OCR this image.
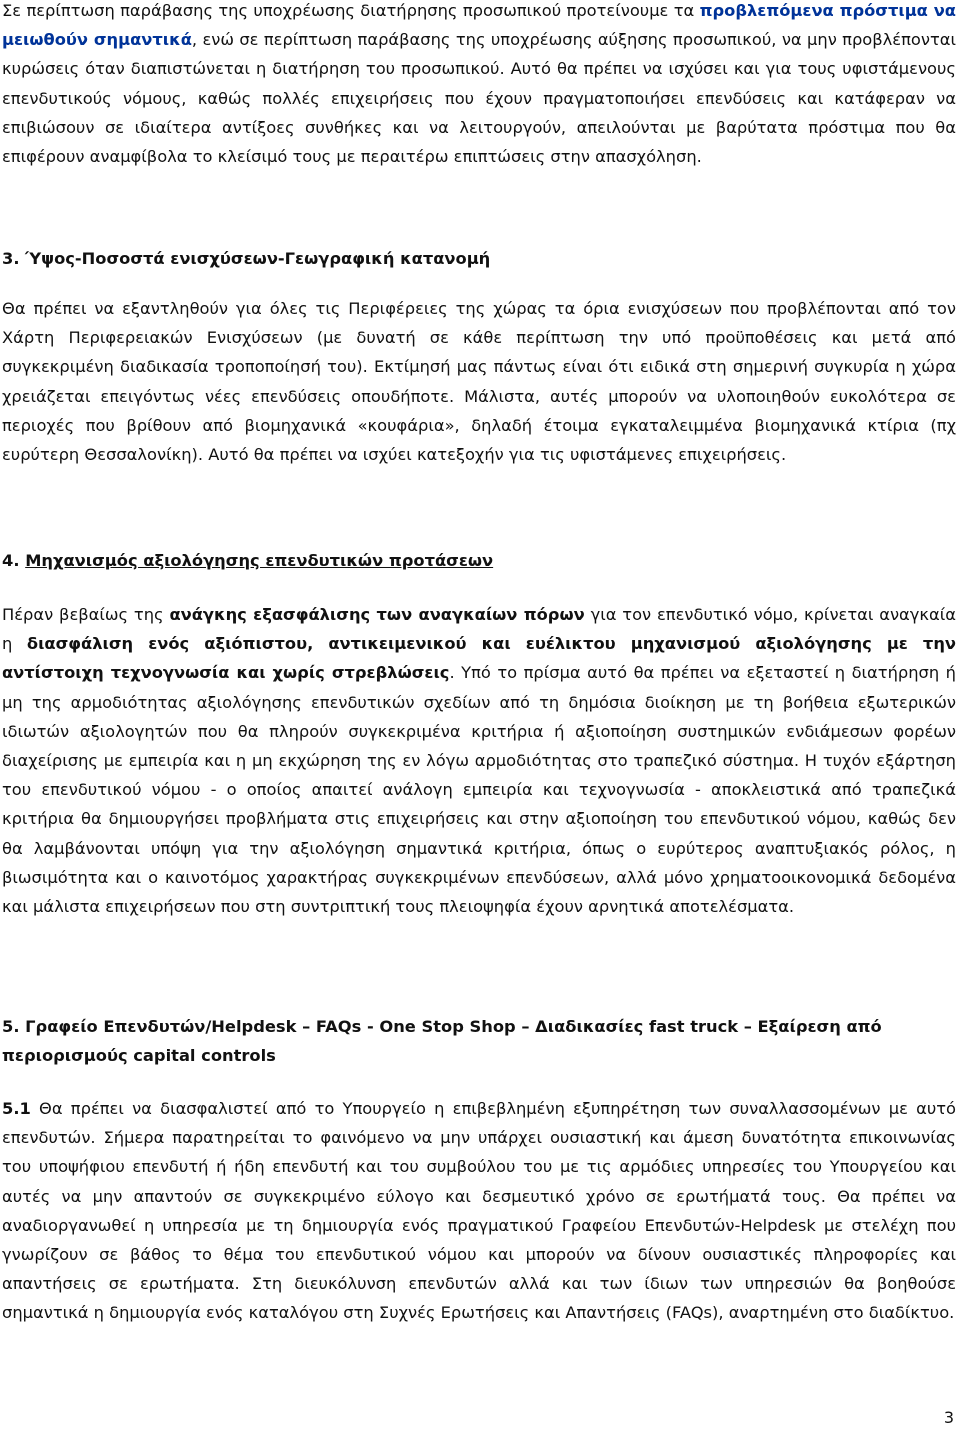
Σε περίπτωση παράβασης της υποχρέωσης διατήρησης προσωπικού προτείνουμε τα προβλεπόμενα πρόστιμα να μειωθούν σημαντικά, ενώ σε περίπτωση παράβασης της υποχρέωσης αύξησης προσωπικού, να μην προβλέπονται κυρώσεις όταν διαπιστώνεται η διατήρηση του προσωπικού. Αυτό θα πρέπει να ισχύσει και για τους υφιστάμενους επενδυτικούς νόμους, καθώς πολλές επιχειρήσεις που έχουν πραγματοποιήσει επενδύσεις και κατάφεραν να επιβιώσουν σε ιδιαίτερα αντίξοες συνθήκες και να λειτουργούν, απειλούνται με βαρύτατα πρόστιμα που θα επιφέρουν αναμφίβολα το κλείσιμό τους με περαιτέρω επιπτώσεις στην απασχόληση.

3. Ύψος-Ποσοστά ενισχύσεων-Γεωγραφική κατανομή

Θα πρέπει να εξαντληθούν για όλες τις Περιφέρειες της χώρας τα όρια ενισχύσεων που προβλέπονται από τον Χάρτη Περιφερειακών Ενισχύσεων (με δυνατή σε κάθε περίπτωση την υπό προϋποθέσεις και μετά από συγκεκριμένη διαδικασία τροποποίησή του). Εκτίμησή μας πάντως είναι ότι ειδικά στη σημερινή συγκυρία η χώρα χρειάζεται επειγόντως νέες επενδύσεις οπουδήποτε. Μάλιστα, αυτές μπορούν να υλοποιηθούν ευκολότερα σε περιοχές που βρίθουν από βιομηχανικά «κουφάρια», δηλαδή έτοιμα εγκαταλειμμένα βιομηχανικά κτίρια (πχ ευρύτερη Θεσσαλονίκη). Αυτό θα πρέπει να ισχύει κατεξοχήν για τις υφιστάμενες επιχειρήσεις.

4. Μηχανισμός αξιολόγησης επενδυτικών προτάσεων

Πέραν βεβαίως της ανάγκης εξασφάλισης των αναγκαίων πόρων για τον επενδυτικό νόμο, κρίνεται αναγκαία η διασφάλιση ενός αξιόπιστου, αντικειμενικού και ευέλικτου μηχανισμού αξιολόγησης με την αντίστοιχη τεχνογνωσία και χωρίς στρεβλώσεις. Υπό το πρίσμα αυτό θα πρέπει να εξεταστεί η διατήρηση ή μη της αρμοδιότητας αξιολόγησης επενδυτικών σχεδίων από τη δημόσια διοίκηση με τη βοήθεια εξωτερικών ιδιωτών αξιολογητών που θα πληρούν συγκεκριμένα κριτήρια ή αξιοποίηση συστημικών ενδιάμεσων φορέων διαχείρισης με εμπειρία και η μη εκχώρηση της εν λόγω αρμοδιότητας στο τραπεζικό σύστημα. Η τυχόν εξάρτηση του επενδυτικού νόμου - ο οποίος απαιτεί ανάλογη εμπειρία και τεχνογνωσία - αποκλειστικά από τραπεζικά κριτήρια θα δημιουργήσει προβλήματα στις επιχειρήσεις και στην αξιοποίηση του επενδυτικού νόμου, καθώς δεν θα λαμβάνονται υπόψη για την αξιολόγηση σημαντικά κριτήρια, όπως ο ευρύτερος αναπτυξιακός ρόλος, η βιωσιμότητα και ο καινοτόμος χαρακτήρας συγκεκριμένων επενδύσεων, αλλά μόνο χρηματοοικονομικά δεδομένα και μάλιστα επιχειρήσεων που στη συντριπτική τους πλειοψηφία έχουν αρνητικά αποτελέσματα.

5. Γραφείο Επενδυτών/Helpdesk – FAQs - One Stop Shop – Διαδικασίες fast truck – Εξαίρεση από περιορισμούς capital controls

5.1 Θα πρέπει να διασφαλιστεί από το Υπουργείο η επιβεβλημένη εξυπηρέτηση των συναλλασσομένων με αυτό επενδυτών. Σήμερα παρατηρείται το φαινόμενο να μην υπάρχει ουσιαστική και άμεση δυνατότητα επικοινωνίας του υποψήφιου επενδυτή ή ήδη επενδυτή και του συμβούλου του με τις αρμόδιες υπηρεσίες του Υπουργείου και αυτές να μην απαντούν σε συγκεκριμένο εύλογο και δεσμευτικό χρόνο σε ερωτήματά τους. Θα πρέπει να αναδιοργανωθεί η υπηρεσία με τη δημιουργία ενός πραγματικού Γραφείου Επενδυτών-Helpdesk με στελέχη που γνωρίζουν σε βάθος το θέμα του επενδυτικού νόμου και μπορούν να δίνουν ουσιαστικές πληροφορίες και απαντήσεις σε ερωτήματα. Στη διευκόλυνση επενδυτών αλλά και των ίδιων των υπηρεσιών θα βοηθούσε σημαντικά η δημιουργία ενός καταλόγου στη Συχνές Ερωτήσεις και Απαντήσεις (FAQs), αναρτημένη στο διαδίκτυο.

3
